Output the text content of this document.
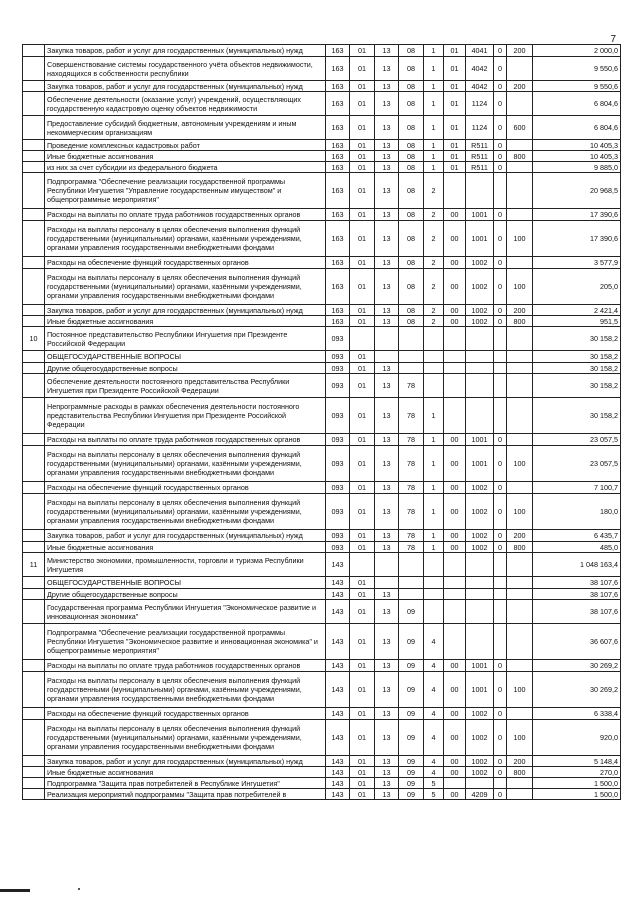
7
	Закупка товаров, работ и услуг для государственных (муниципальных) нужд	163	01	13	08	1	01	4041	0	200	2 000,0
	Совершенствование системы государственного учёта объектов недвижимости, находящихся в собственности республики	163	01	13	08	1	01	4042	0		9 550,6
	Закупка товаров, работ и услуг для государственных (муниципальных) нужд	163	01	13	08	1	01	4042	0	200	9 550,6
	Обеспечение деятельности (оказание услуг) учреждений, осуществляющих государственную кадастровую оценку объектов недвижимости	163	01	13	08	1	01	1124	0		6 804,6
	Предоставление субсидий бюджетным, автономным учреждениям и иным некоммерческим организациям	163	01	13	08	1	01	1124	0	600	6 804,6
	Проведение комплексных кадастровых работ	163	01	13	08	1	01	R511	0		10 405,3
	Иные бюджетные ассигнования	163	01	13	08	1	01	R511	0	800	10 405,3
	из них за счет субсидии из федерального бюджета	163	01	13	08	1	01	R511	0		9 885,0
	Подпрограмма "Обеспечение реализации государственной программы Республики Ингушетия "Управление государственным имуществом" и общепрограммные мероприятия"	163	01	13	08	2					20 968,5
	Расходы на выплаты по оплате труда работников государственных органов	163	01	13	08	2	00	1001	0		17 390,6
	Расходы на выплаты персоналу в целях обеспечения выполнения функций государственными (муниципальными) органами, казёнными учреждениями, органами управления государственными внебюджетными фондами	163	01	13	08	2	00	1001	0	100	17 390,6
	Расходы на обеспечение функций государственных органов	163	01	13	08	2	00	1002	0		3 577,9
	Расходы на выплаты персоналу в целях обеспечения выполнения функций государственными (муниципальными) органами, казёнными учреждениями, органами управления государственными внебюджетными фондами	163	01	13	08	2	00	1002	0	100	205,0
	Закупка товаров, работ и услуг для государственных (муниципальных) нужд	163	01	13	08	2	00	1002	0	200	2 421,4
	Иные бюджетные ассигнования	163	01	13	08	2	00	1002	0	800	951,5
10	Постоянное представительство Республики Ингушетия при Президенте Российской Федерации	093									30 158,2
	ОБЩЕГОСУДАРСТВЕННЫЕ ВОПРОСЫ	093	01								30 158,2
	Другие общегосударственные вопросы	093	01	13							30 158,2
	Обеспечение деятельности постоянного представительства Республики Ингушетия при Президенте Российской Федерации	093	01	13	78						30 158,2
	Непрограммные расходы в рамках обеспечения деятельности постоянного представительства Республики Ингушетия при Президенте Российской Федерации	093	01	13	78	1					30 158,2
	Расходы на выплаты по оплате труда работников государственных органов	093	01	13	78	1	00	1001	0		23 057,5
	Расходы на выплаты персоналу в целях обеспечения выполнения функций государственными (муниципальными) органами, казёнными учреждениями, органами управления государственными внебюджетными фондами	093	01	13	78	1	00	1001	0	100	23 057,5
	Расходы на обеспечение функций государственных органов	093	01	13	78	1	00	1002	0		7 100,7
	Расходы на выплаты персоналу в целях обеспечения выполнения функций государственными (муниципальными) органами, казёнными учреждениями, органами управления государственными внебюджетными фондами	093	01	13	78	1	00	1002	0	100	180,0
	Закупка товаров, работ и услуг для государственных (муниципальных) нужд	093	01	13	78	1	00	1002	0	200	6 435,7
	Иные бюджетные ассигнования	093	01	13	78	1	00	1002	0	800	485,0
11	Министерство экономики, промышленности, торговли и туризма Республики Ингушетия	143									1 048 163,4
	ОБЩЕГОСУДАРСТВЕННЫЕ ВОПРОСЫ	143	01								38 107,6
	Другие общегосударственные вопросы	143	01	13							38 107,6
	Государственная программа Республики Ингушетия "Экономическое развитие и инновационная экономика"	143	01	13	09						38 107,6
	Подпрограмма "Обеспечение реализации государственной программы Республики Ингушетия "Экономическое развитие и инновационная экономика" и общепрограммные мероприятия"	143	01	13	09	4					36 607,6
	Расходы на выплаты по оплате труда работников государственных органов	143	01	13	09	4	00	1001	0		30 269,2
	Расходы на выплаты персоналу в целях обеспечения выполнения функций государственными (муниципальными) органами, казёнными учреждениями, органами управления государственными внебюджетными фондами	143	01	13	09	4	00	1001	0	100	30 269,2
	Расходы на обеспечение функций государственных органов	143	01	13	09	4	00	1002	0		6 338,4
	Расходы на выплаты персоналу в целях обеспечения выполнения функций государственными (муниципальными) органами, казёнными учреждениями, органами управления государственными внебюджетными фондами	143	01	13	09	4	00	1002	0	100	920,0
	Закупка товаров, работ и услуг для государственных (муниципальных) нужд	143	01	13	09	4	00	1002	0	200	5 148,4
	Иные бюджетные ассигнования	143	01	13	09	4	00	1002	0	800	270,0
	Подпрограмма "Защита прав потребителей в Республике Ингушетия"	143	01	13	09	5					1 500,0
	Реализация мероприятий подпрограммы "Защита прав потребителей в	143	01	13	09	5	00	4209	0		1 500,0
